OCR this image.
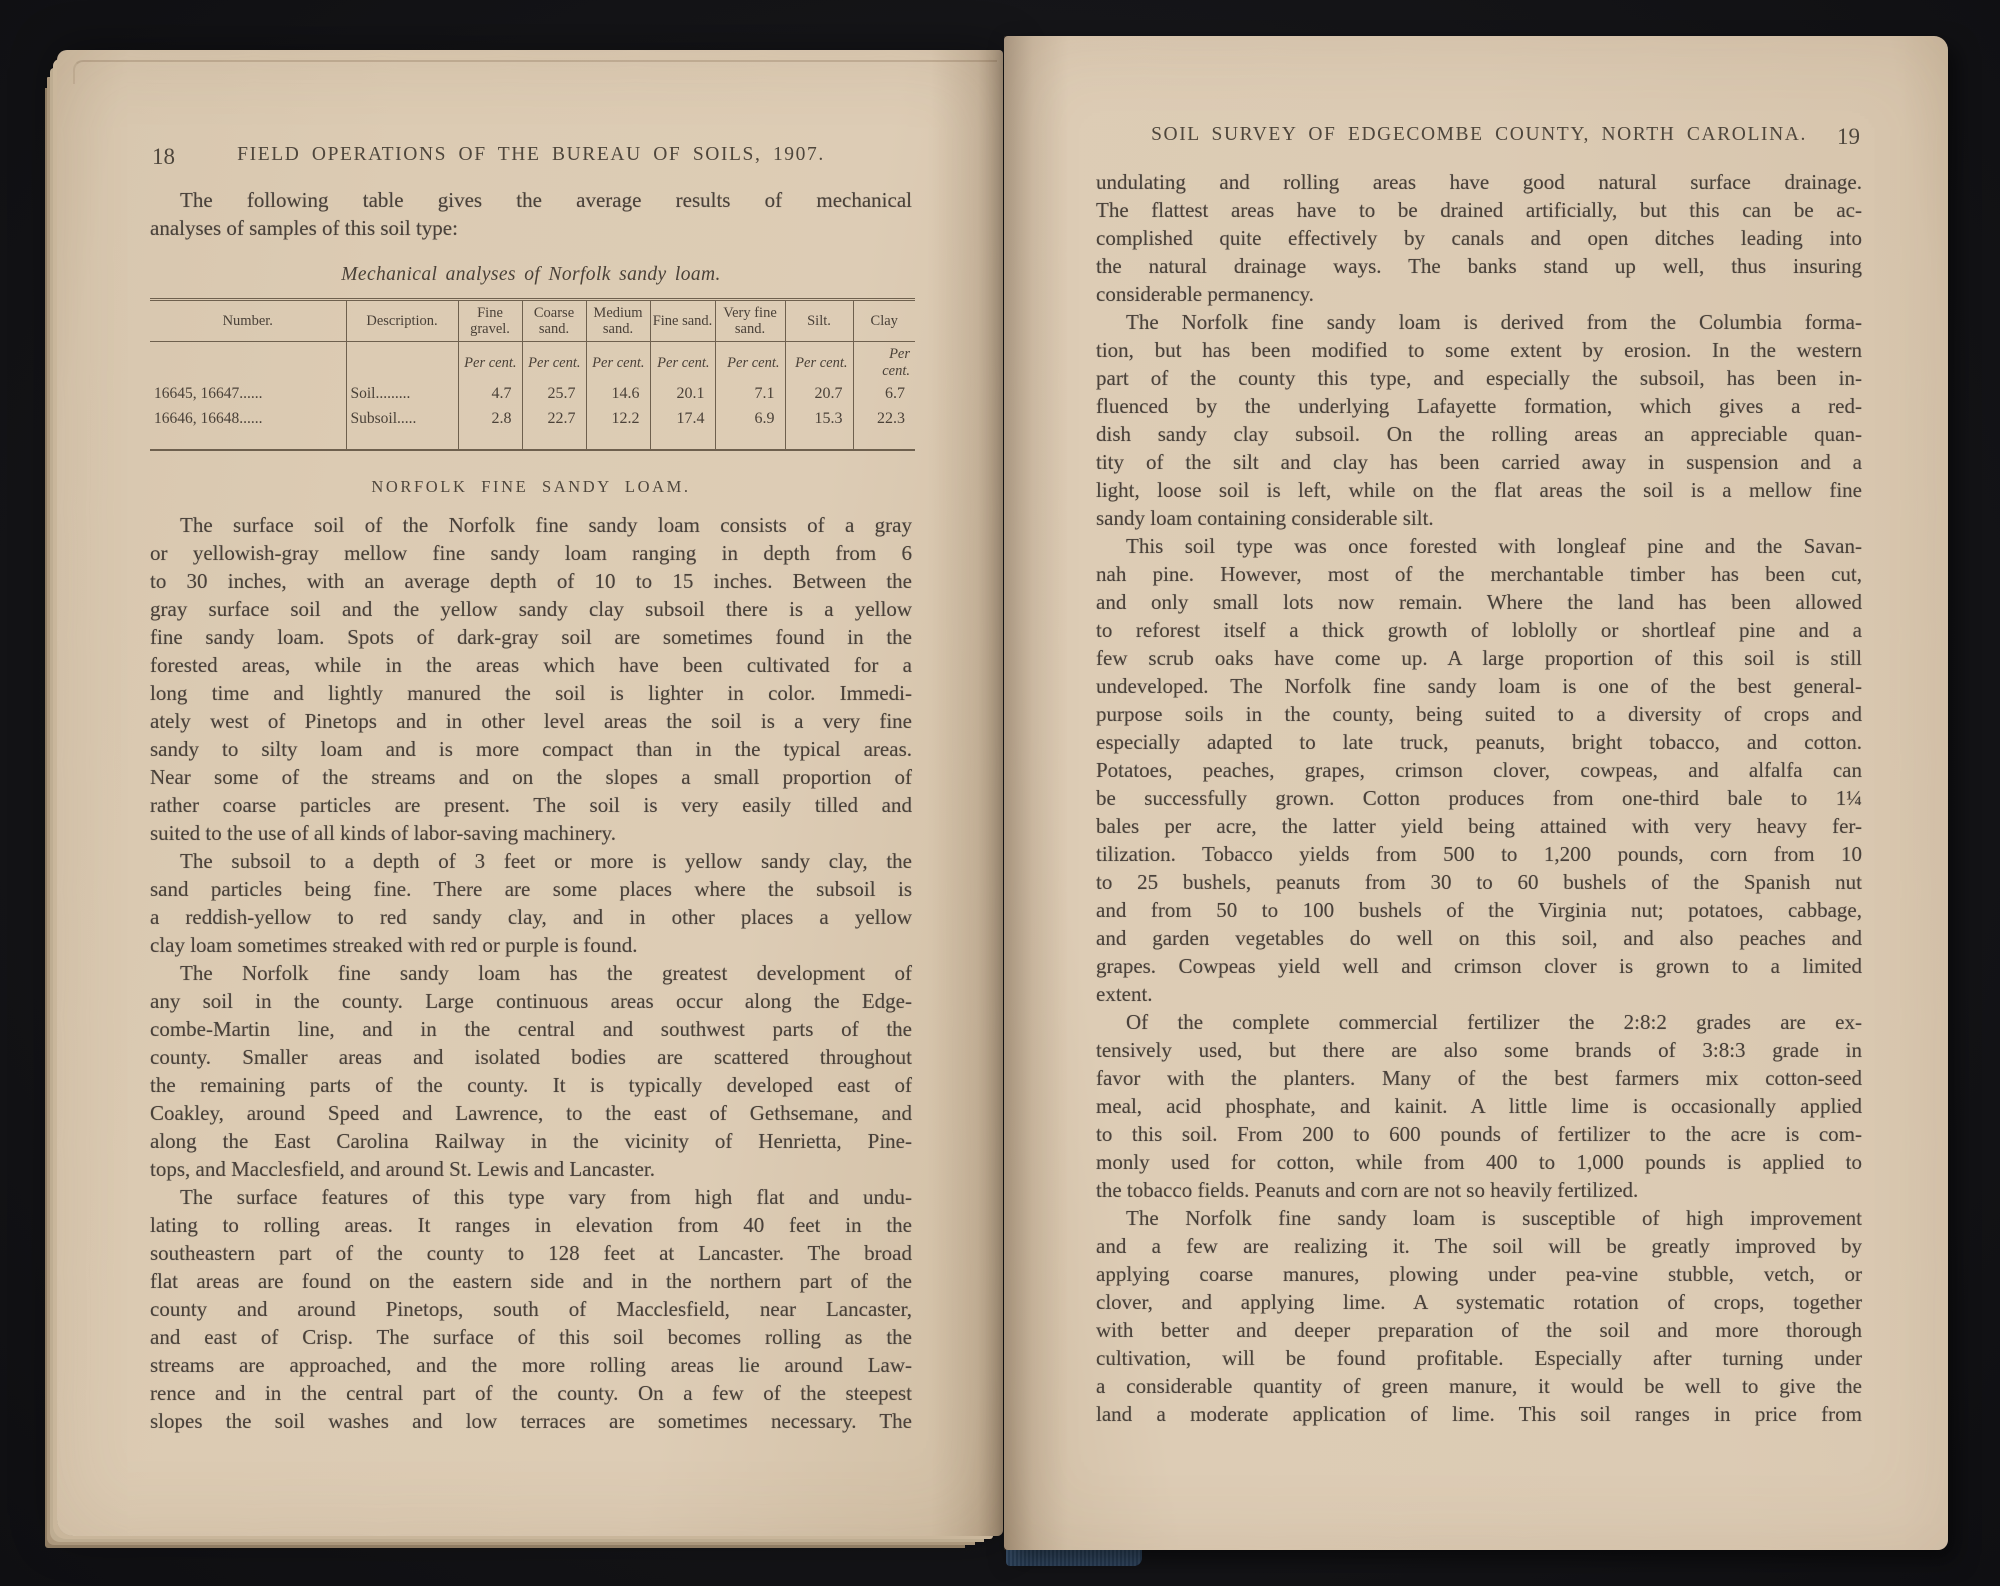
18	FIELD OPERATIONS OF THE BUREAU OF SOILS, 1907.
The following table gives the average results of mechanical
analyses of samples of this soil type:
Mechanical analyses of Norfolk sandy loam.
Number.	Description.	Fine gravel.	Coarse sand.	Medium sand.	Fine sand.	Very fine sand.	Silt.	Clay
		Per cent.	Per cent.	Per cent.	Per cent.	Per cent.	Per cent.	Per cent.
16645, 16647......	Soil.........	4.7	25.7	14.6	20.1	7.1	20.7	6.7
16646, 16648......	Subsoil.....	2.8	22.7	12.2	17.4	6.9	15.3	22.3

NORFOLK FINE SANDY LOAM.
The surface soil of the Norfolk fine sandy loam consists of a gray
or yellowish-gray mellow fine sandy loam ranging in depth from 6
to 30 inches, with an average depth of 10 to 15 inches. Between the
gray surface soil and the yellow sandy clay subsoil there is a yellow
fine sandy loam. Spots of dark-gray soil are sometimes found in the
forested areas, while in the areas which have been cultivated for a
long time and lightly manured the soil is lighter in color. Immedi-
ately west of Pinetops and in other level areas the soil is a very fine
sandy to silty loam and is more compact than in the typical areas.
Near some of the streams and on the slopes a small proportion of
rather coarse particles are present. The soil is very easily tilled and
suited to the use of all kinds of labor-saving machinery.
The subsoil to a depth of 3 feet or more is yellow sandy clay, the
sand particles being fine. There are some places where the subsoil is
a reddish-yellow to red sandy clay, and in other places a yellow
clay loam sometimes streaked with red or purple is found.
The Norfolk fine sandy loam has the greatest development of
any soil in the county. Large continuous areas occur along the Edge-
combe-Martin line, and in the central and southwest parts of the
county. Smaller areas and isolated bodies are scattered throughout
the remaining parts of the county. It is typically developed east of
Coakley, around Speed and Lawrence, to the east of Gethsemane, and
along the East Carolina Railway in the vicinity of Henrietta, Pine-
tops, and Macclesfield, and around St. Lewis and Lancaster.
The surface features of this type vary from high flat and undu-
lating to rolling areas. It ranges in elevation from 40 feet in the
southeastern part of the county to 128 feet at Lancaster. The broad
flat areas are found on the eastern side and in the northern part of the
county and around Pinetops, south of Macclesfield, near Lancaster,
and east of Crisp. The surface of this soil becomes rolling as the
streams are approached, and the more rolling areas lie around Law-
rence and in the central part of the county. On a few of the steepest
slopes the soil washes and low terraces are sometimes necessary. The
SOIL SURVEY OF EDGECOMBE COUNTY, NORTH CAROLINA. 19
undulating and rolling areas have good natural surface drainage.
The flattest areas have to be drained artificially, but this can be ac-
complished quite effectively by canals and open ditches leading into
the natural drainage ways. The banks stand up well, thus insuring
considerable permanency.
The Norfolk fine sandy loam is derived from the Columbia forma-
tion, but has been modified to some extent by erosion. In the western
part of the county this type, and especially the subsoil, has been in-
fluenced by the underlying Lafayette formation, which gives a red-
dish sandy clay subsoil. On the rolling areas an appreciable quan-
tity of the silt and clay has been carried away in suspension and a
light, loose soil is left, while on the flat areas the soil is a mellow fine
sandy loam containing considerable silt.
This soil type was once forested with longleaf pine and the Savan-
nah pine. However, most of the merchantable timber has been cut,
and only small lots now remain. Where the land has been allowed
to reforest itself a thick growth of loblolly or shortleaf pine and a
few scrub oaks have come up. A large proportion of this soil is still
undeveloped. The Norfolk fine sandy loam is one of the best general-
purpose soils in the county, being suited to a diversity of crops and
especially adapted to late truck, peanuts, bright tobacco, and cotton.
Potatoes, peaches, grapes, crimson clover, cowpeas, and alfalfa can
be successfully grown. Cotton produces from one-third bale to 1¼
bales per acre, the latter yield being attained with very heavy fer-
tilization. Tobacco yields from 500 to 1,200 pounds, corn from 10
to 25 bushels, peanuts from 30 to 60 bushels of the Spanish nut
and from 50 to 100 bushels of the Virginia nut; potatoes, cabbage,
and garden vegetables do well on this soil, and also peaches and
grapes. Cowpeas yield well and crimson clover is grown to a limited
extent.
Of the complete commercial fertilizer the 2:8:2 grades are ex-
tensively used, but there are also some brands of 3:8:3 grade in
favor with the planters. Many of the best farmers mix cotton-seed
meal, acid phosphate, and kainit. A little lime is occasionally applied
to this soil. From 200 to 600 pounds of fertilizer to the acre is com-
monly used for cotton, while from 400 to 1,000 pounds is applied to
the tobacco fields. Peanuts and corn are not so heavily fertilized.
The Norfolk fine sandy loam is susceptible of high improvement
and a few are realizing it. The soil will be greatly improved by
applying coarse manures, plowing under pea-vine stubble, vetch, or
clover, and applying lime. A systematic rotation of crops, together
with better and deeper preparation of the soil and more thorough
cultivation, will be found profitable. Especially after turning under
a considerable quantity of green manure, it would be well to give the
land a moderate application of lime. This soil ranges in price from
